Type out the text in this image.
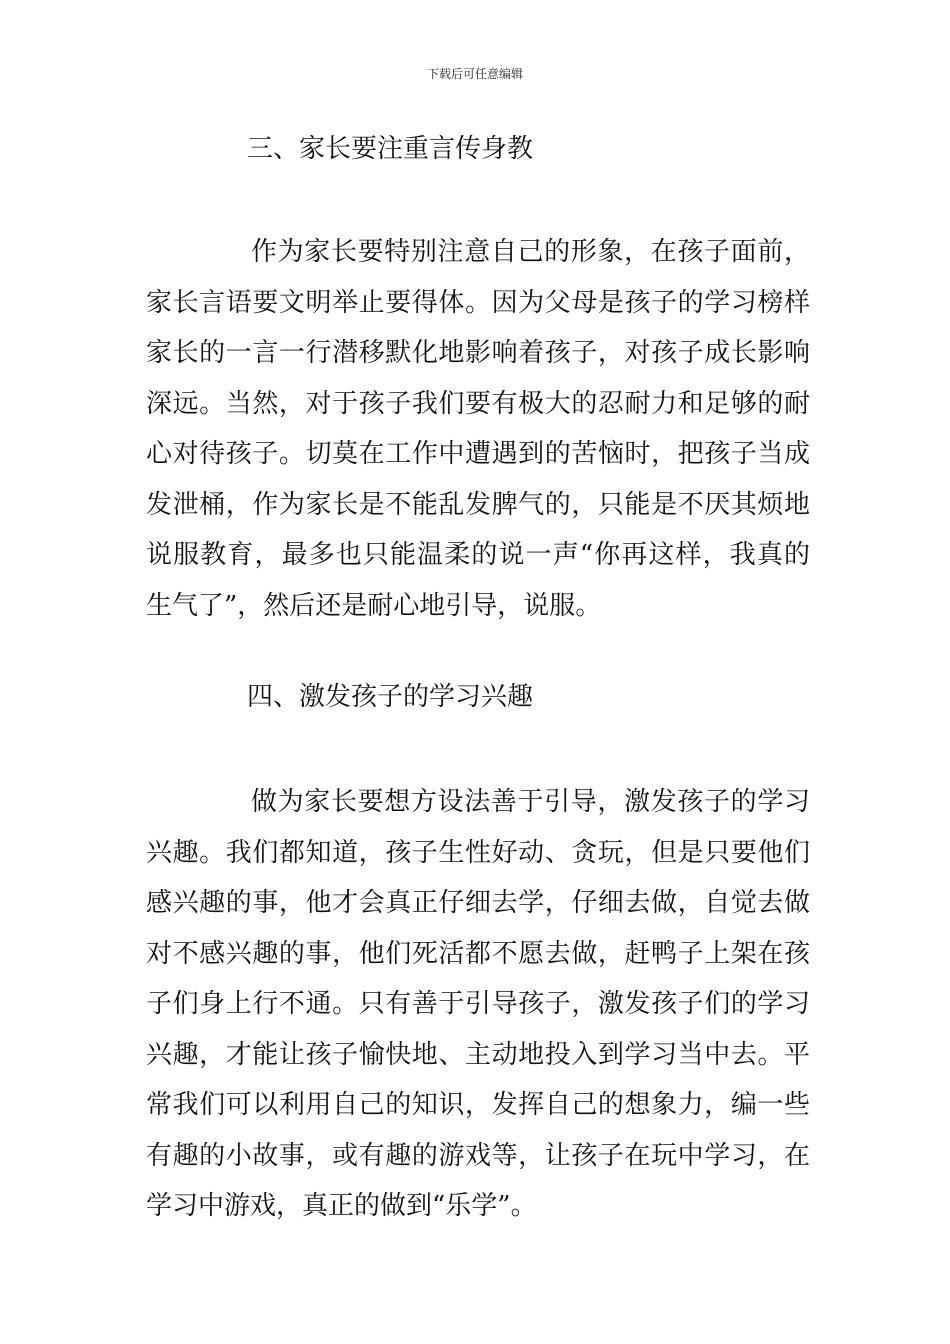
下载后可任意编辑
三、家长要注重言传身教
作为家长要特别注意自己的形象，在孩子面前，
家长言语要文明举止要得体。因为父母是孩子的学习榜样
家长的一言一行潜移默化地影响着孩子，对孩子成长影响
深远。当然，对于孩子我们要有极大的忍耐力和足够的耐
心对待孩子。切莫在工作中遭遇到的苦恼时，把孩子当成
发泄桶，作为家长是不能乱发脾气的，只能是不厌其烦地
说服教育，最多也只能温柔的说一声“你再这样，我真的
生气了”，然后还是耐心地引导，说服。
四、激发孩子的学习兴趣
做为家长要想方设法善于引导，激发孩子的学习
兴趣。我们都知道，孩子生性好动、贪玩，但是只要他们
感兴趣的事，他才会真正仔细去学，仔细去做，自觉去做
对不感兴趣的事，他们死活都不愿去做，赶鸭子上架在孩
子们身上行不通。只有善于引导孩子，激发孩子们的学习
兴趣，才能让孩子愉快地、主动地投入到学习当中去。平
常我们可以利用自己的知识，发挥自己的想象力，编一些
有趣的小故事，或有趣的游戏等，让孩子在玩中学习，在
学习中游戏，真正的做到“乐学”。
